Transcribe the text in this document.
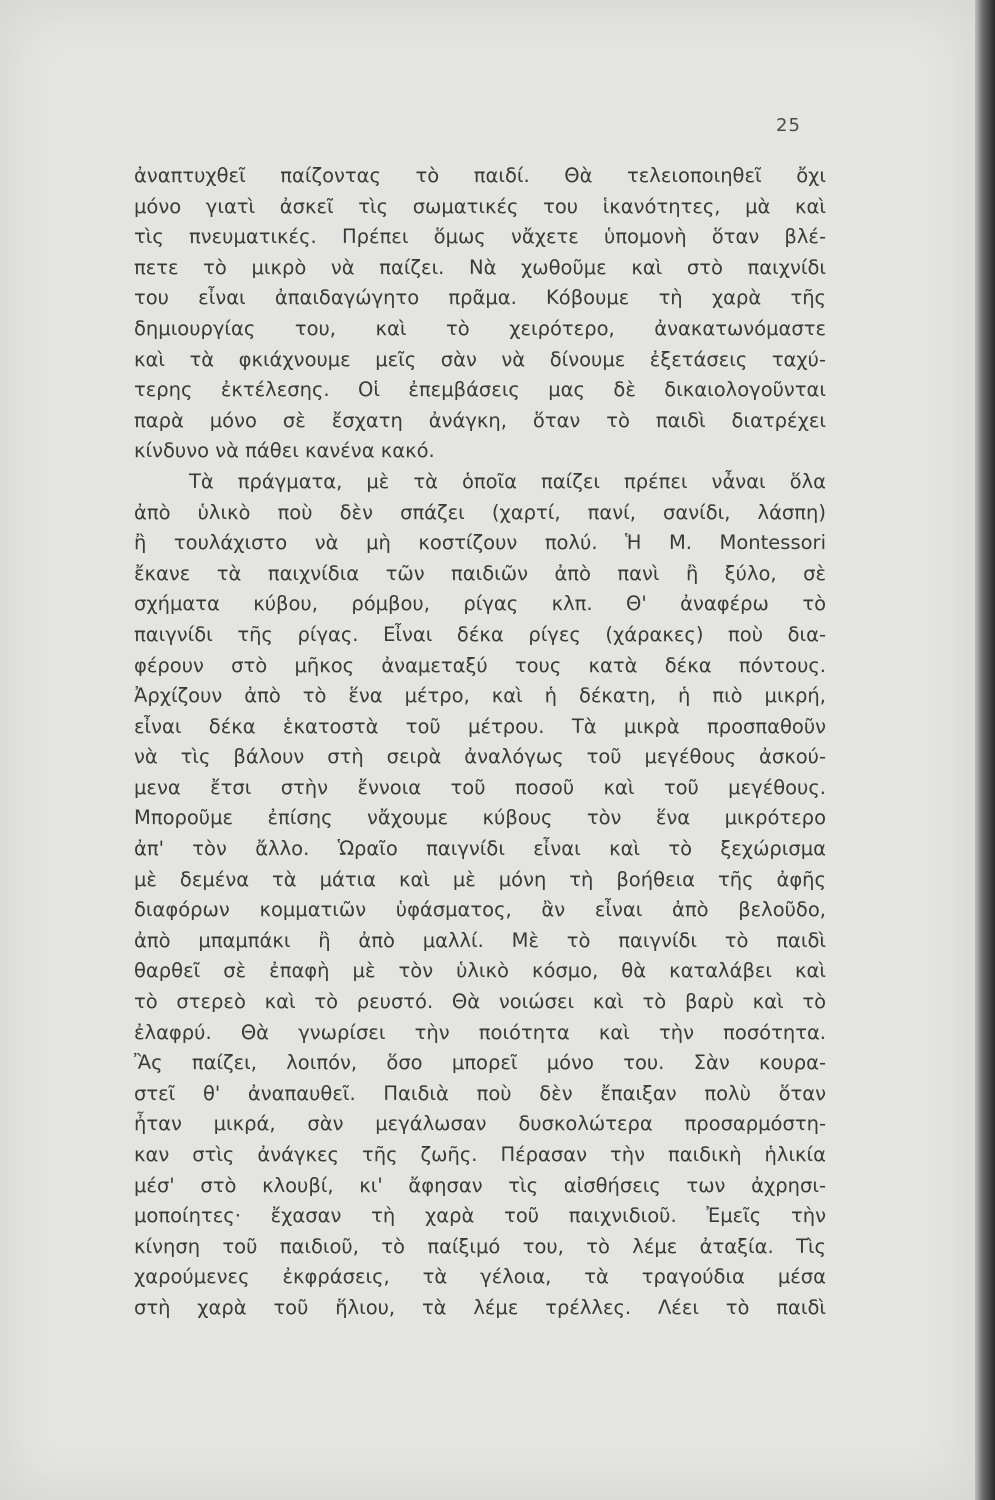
25
ἀναπτυχθεῖ παίζοντας τὸ παιδί. Θὰ τελειοποιηθεῖ ὄχι
μόνο γιατὶ ἀσκεῖ τὶς σωματικές του ἱκανότητες, μὰ καὶ
τὶς πνευματικές. Πρέπει ὅμως νἄχετε ὑπομονὴ ὅταν βλέ-
πετε τὸ μικρὸ νὰ παίζει. Νὰ χωθοῦμε καὶ στὸ παιχνίδι
του εἶναι ἀπαιδαγώγητο πρᾶμα. Κόβουμε τὴ χαρὰ τῆς
δημιουργίας του, καὶ τὸ χειρότερο, ἀνακατωνόμαστε
καὶ τὰ φκιάχνουμε μεῖς σὰν νὰ δίνουμε ἐξετάσεις ταχύ-
τερης ἐκτέλεσης. Οἱ ἐπεμβάσεις μας δὲ δικαιολογοῦνται
παρὰ μόνο σὲ ἔσχατη ἀνάγκη, ὅταν τὸ παιδὶ διατρέχει
κίνδυνο νὰ πάθει κανένα κακό.
Τὰ πράγματα, μὲ τὰ ὁποῖα παίζει πρέπει νἆναι ὅλα
ἀπὸ ὑλικὸ ποὺ δὲν σπάζει (χαρτί, πανί, σανίδι, λάσπη)
ἢ τουλάχιστο νὰ μὴ κοστίζουν πολύ. Ἡ Μ. Montessori
ἔκανε τὰ παιχνίδια τῶν παιδιῶν ἀπὸ πανὶ ἢ ξύλο, σὲ
σχήματα κύβου, ρόμβου, ρίγας κλπ. Θ' ἀναφέρω τὸ
παιγνίδι τῆς ρίγας. Εἶναι δέκα ρίγες (χάρακες) ποὺ δια-
φέρουν στὸ μῆκος ἀναμεταξύ τους κατὰ δέκα πόντους.
Ἀρχίζουν ἀπὸ τὸ ἕνα μέτρο, καὶ ἡ δέκατη, ἡ πιὸ μικρή,
εἶναι δέκα ἑκατοστὰ τοῦ μέτρου. Τὰ μικρὰ προσπαθοῦν
νὰ τὶς βάλουν στὴ σειρὰ ἀναλόγως τοῦ μεγέθους ἀσκού-
μενα ἔτσι στὴν ἔννοια τοῦ ποσοῦ καὶ τοῦ μεγέθους.
Μποροῦμε ἐπίσης νἄχουμε κύβους τὸν ἕνα μικρότερο
ἀπ' τὸν ἄλλο. Ὡραῖο παιγνίδι εἶναι καὶ τὸ ξεχώρισμα
μὲ δεμένα τὰ μάτια καὶ μὲ μόνη τὴ βοήθεια τῆς ἀφῆς
διαφόρων κομματιῶν ὑφάσματος, ἂν εἶναι ἀπὸ βελοῦδο,
ἀπὸ μπαμπάκι ἢ ἀπὸ μαλλί. Μὲ τὸ παιγνίδι τὸ παιδὶ
θαρθεῖ σὲ ἐπαφὴ μὲ τὸν ὑλικὸ κόσμο, θὰ καταλάβει καὶ
τὸ στερεὸ καὶ τὸ ρευστό. Θὰ νοιώσει καὶ τὸ βαρὺ καὶ τὸ
ἐλαφρύ. Θὰ γνωρίσει τὴν ποιότητα καὶ τὴν ποσότητα.
Ἂς παίζει, λοιπόν, ὅσο μπορεῖ μόνο του. Σὰν κουρα-
στεῖ θ' ἀναπαυθεῖ. Παιδιὰ ποὺ δὲν ἔπαιξαν πολὺ ὅταν
ἦταν μικρά, σὰν μεγάλωσαν δυσκολώτερα προσαρμόστη-
καν στὶς ἀνάγκες τῆς ζωῆς. Πέρασαν τὴν παιδικὴ ἡλικία
μέσ' στὸ κλουβί, κι' ἄφησαν τὶς αἰσθήσεις των ἀχρησι-
μοποίητες· ἔχασαν τὴ χαρὰ τοῦ παιχνιδιοῦ. Ἐμεῖς τὴν
κίνηση τοῦ παιδιοῦ, τὸ παίξιμό του, τὸ λέμε ἀταξία. Τὶς
χαρούμενες ἐκφράσεις, τὰ γέλοια, τὰ τραγούδια μέσα
στὴ χαρὰ τοῦ ἥλιου, τὰ λέμε τρέλλες. Λέει τὸ παιδὶ
